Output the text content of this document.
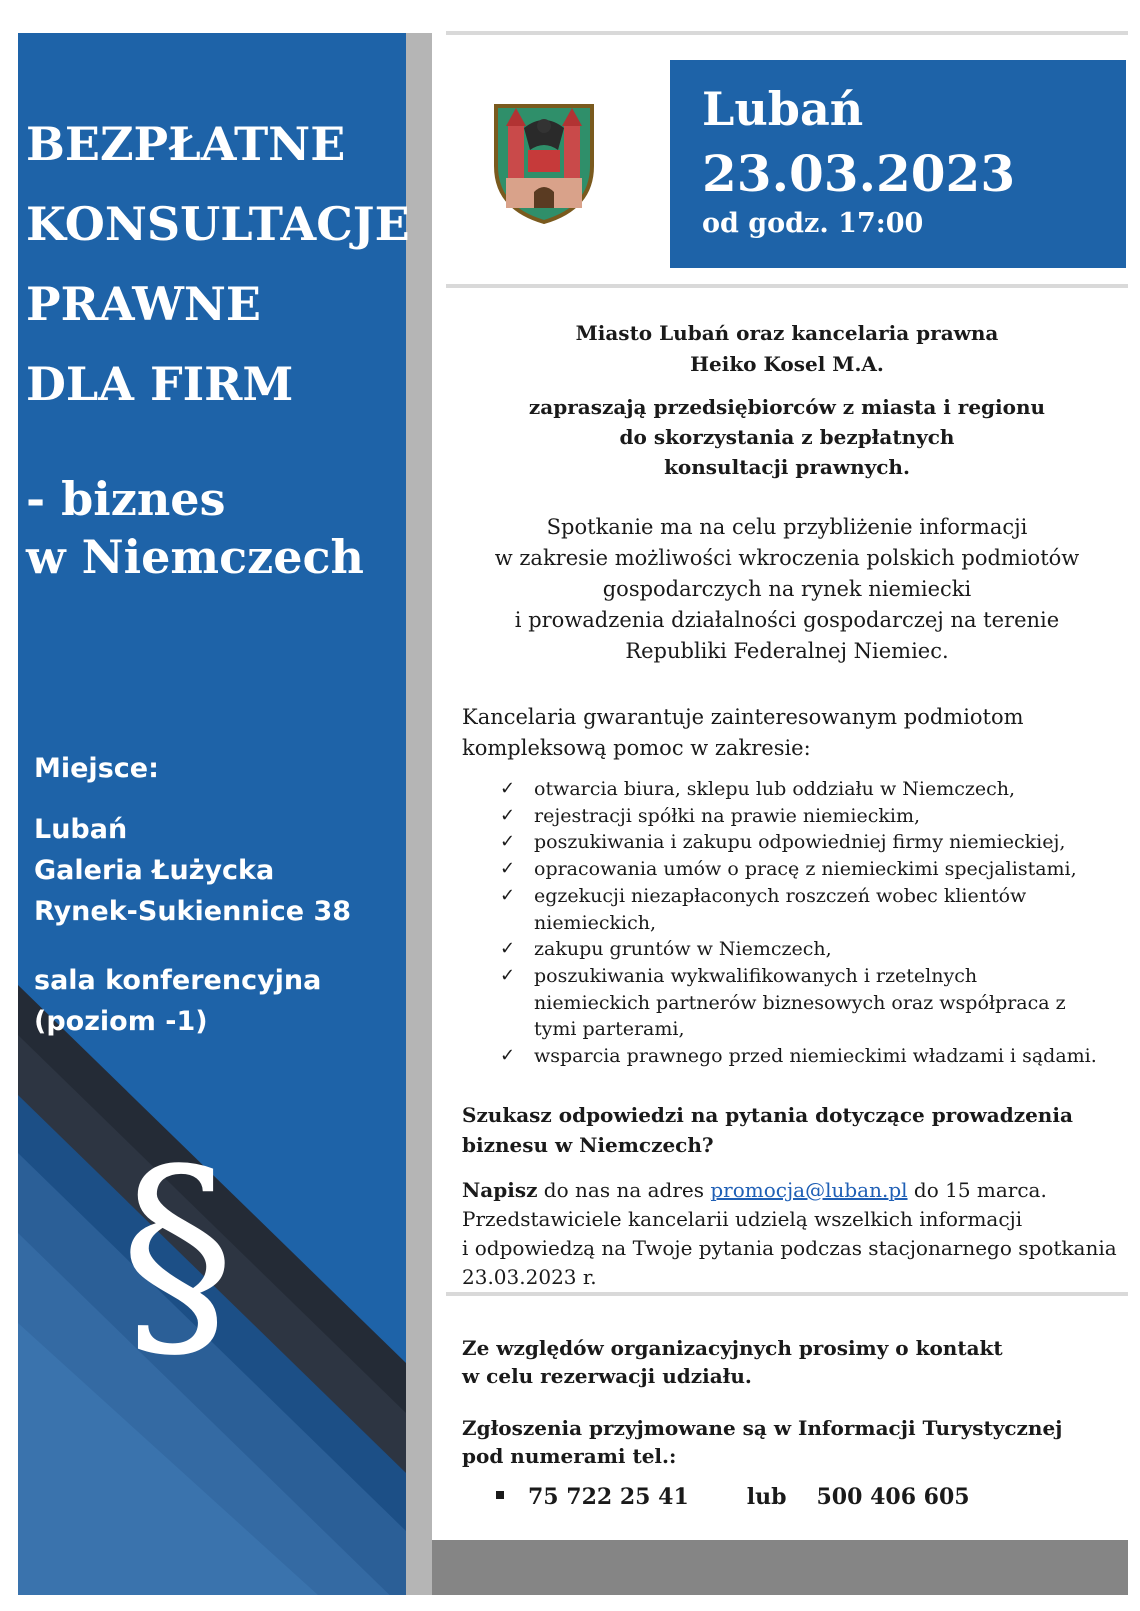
BEZPŁATNE
KONSULTACJE
PRAWNE
DLA FIRM
- biznes
w Niemczech
Miejsce:
Lubań
Galeria Łużycka
Rynek-Sukiennice 38
sala konferencyjna
(poziom -1)
§
Lubań
23.03.2023
od godz. 17:00
Miasto Lubań oraz kancelaria prawna
Heiko Kosel M.A.
zapraszają przedsiębiorców z miasta i regionu
do skorzystania z bezpłatnych
konsultacji prawnych.
Spotkanie ma na celu przybliżenie informacji
w zakresie możliwości wkroczenia polskich podmiotów
gospodarczych na rynek niemiecki
i prowadzenia działalności gospodarczej na terenie
Republiki Federalnej Niemiec.
Kancelaria gwarantuje zainteresowanym podmiotom
kompleksową pomoc w zakresie:
✓ otwarcia biura, sklepu lub oddziału w Niemczech,
✓ rejestracji spółki na prawie niemieckim,
✓ poszukiwania i zakupu odpowiedniej firmy niemieckiej,
✓ opracowania umów o pracę z niemieckimi specjalistami,
✓ egzekucji niezapłaconych roszczeń wobec klientów
niemieckich,
✓ zakupu gruntów w Niemczech,
✓ poszukiwania wykwalifikowanych i rzetelnych
niemieckich partnerów biznesowych oraz współpraca z
tymi parterami,
✓ wsparcia prawnego przed niemieckimi władzami i sądami.
Szukasz odpowiedzi na pytania dotyczące prowadzenia
biznesu w Niemczech?
Napisz do nas na adres promocja@luban.pl do 15 marca.
Przedstawiciele kancelarii udzielą wszelkich informacji
i odpowiedzą na Twoje pytania podczas stacjonarnego spotkania
23.03.2023 r.
Ze względów organizacyjnych prosimy o kontakt
w celu rezerwacji udziału.
Zgłoszenia przyjmowane są w Informacji Turystycznej
pod numerami tel.:
75 722 25 41	lub 500 406 605
